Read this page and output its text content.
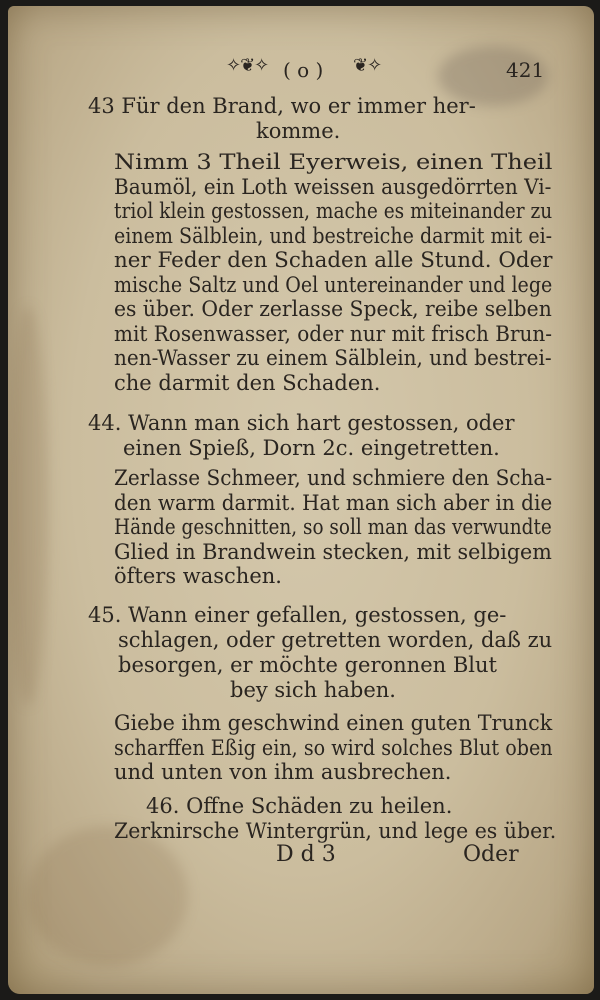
✧❦✧ ( o ) ❦✧	421
43 Für den Brand, wo er immer her-
komme.
Nimm 3 Theil Eyerweis, einen Theil
Baumöl, ein Loth weissen ausgedörrten Vi-
triol klein gestossen, mache es miteinander zu
einem Sälblein, und bestreiche darmit mit ei-
ner Feder den Schaden alle Stund. Oder
mische Saltz und Oel untereinander und lege
es über. Oder zerlasse Speck, reibe selben
mit Rosenwasser, oder nur mit frisch Brun-
nen-Wasser zu einem Sälblein, und bestrei-
che darmit den Schaden.
44. Wann man sich hart gestossen, oder
einen Spieß, Dorn 2c. eingetretten.
Zerlasse Schmeer, und schmiere den Scha-
den warm darmit. Hat man sich aber in die
Hände geschnitten, so soll man das verwundte
Glied in Brandwein stecken, mit selbigem
öfters waschen.
45. Wann einer gefallen, gestossen, ge-
schlagen, oder getretten worden, daß zu
besorgen, er möchte geronnen Blut
bey sich haben.
Giebe ihm geschwind einen guten Trunck
scharffen Eßig ein, so wird solches Blut oben
und unten von ihm ausbrechen.
46. Offne Schäden zu heilen.
Zerknirsche Wintergrün, und lege es über.
D d 3	Oder
